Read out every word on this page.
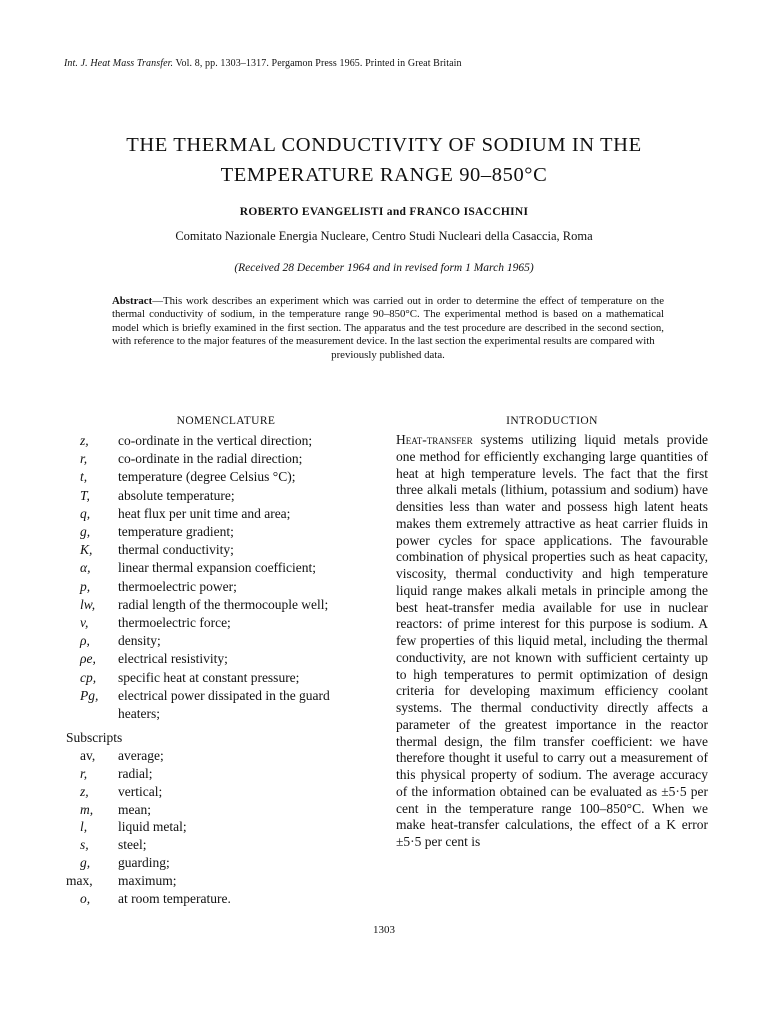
Int. J. Heat Mass Transfer. Vol. 8, pp. 1303–1317. Pergamon Press 1965. Printed in Great Britain
THE THERMAL CONDUCTIVITY OF SODIUM IN THE
TEMPERATURE RANGE 90–850°C
ROBERTO EVANGELISTI and FRANCO ISACCHINI
Comitato Nazionale Energia Nucleare, Centro Studi Nucleari della Casaccia, Roma
(Received 28 December 1964 and in revised form 1 March 1965)
Abstract—This work describes an experiment which was carried out in order to determine the effect of temperature on the thermal conductivity of sodium, in the temperature range 90–850°C. The experimental method is based on a mathematical model which is briefly examined in the first section. The apparatus and the test procedure are described in the second section, with reference to the major features of the measurement device. In the last section the experimental results are compared with
previously published data.
NOMENCLATURE
z,	co-ordinate in the vertical direction;
r,	co-ordinate in the radial direction;
t,	temperature (degree Celsius °C);
T,	absolute temperature;
q,	heat flux per unit time and area;
g,	temperature gradient;
K,	thermal conductivity;
α,	linear thermal expansion coefficient;
p,	thermoelectric power;
lw,	radial length of the thermocouple well;
v,	thermoelectric force;
ρ,	density;
ρe,	electrical resistivity;
cp,	specific heat at constant pressure;
Pg,	electrical power dissipated in the guard
heaters;
Subscripts
av,	average;
r,	radial;
z,	vertical;
m,	mean;
l,	liquid metal;
s,	steel;
g,	guarding;
max,	maximum;
o,	at room temperature.
INTRODUCTION

Heat-transfer systems utilizing liquid metals provide one method for efficiently exchanging large quantities of heat at high temperature levels. The fact that the first three alkali metals (lithium, potassium and sodium) have densities less than water and possess high latent heats makes them extremely attractive as heat carrier fluids in power cycles for space applications. The favourable combination of physical properties such as heat capacity, viscosity, thermal conductivity and high temperature liquid range makes alkali metals in principle among the best heat-transfer media available for use in nuclear reactors: of prime interest for this purpose is sodium. A few properties of this liquid metal, including the thermal conductivity, are not known with sufficient certainty up to high temperatures to permit optimization of design criteria for developing maximum efficiency coolant systems. The thermal conductivity directly affects a parameter of the greatest importance in the reactor thermal design, the film transfer coefficient: we have therefore thought it useful to carry out a measurement of this physical property of sodium. The average accuracy of the information obtained can be evaluated as ±5·5 per cent in the temperature range 100–850°C. When we make heat-transfer calculations, the effect of a K error ±5·5 per cent is

1303
